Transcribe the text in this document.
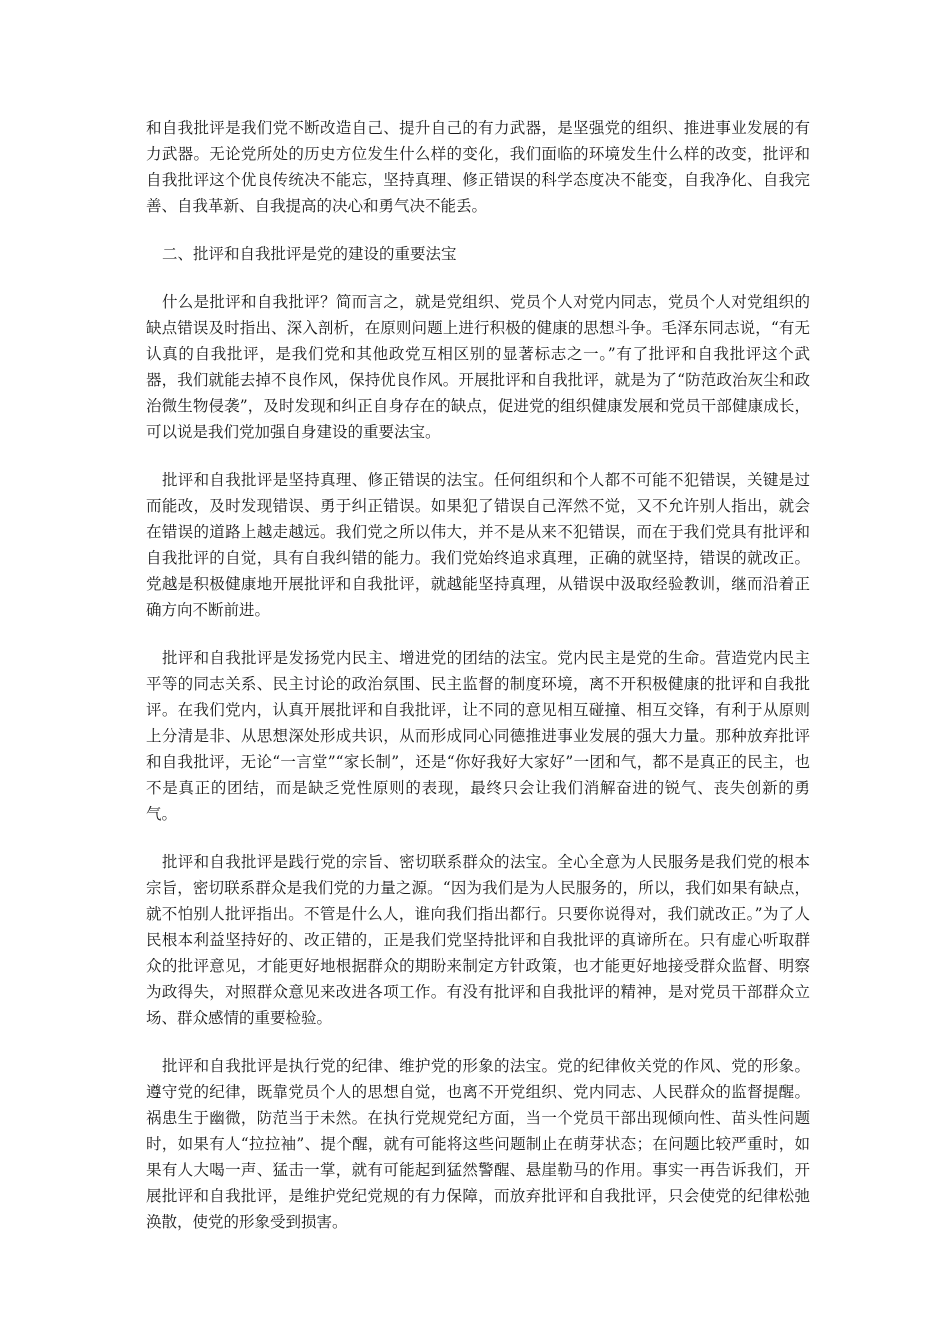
和自我批评是我们党不断改造自己、提升自己的有力武器，是坚强党的组织、推进事业发展的有力武器。无论党所处的历史方位发生什么样的变化，我们面临的环境发生什么样的改变，批评和自我批评这个优良传统决不能忘，坚持真理、修正错误的科学态度决不能变，自我净化、自我完善、自我革新、自我提高的决心和勇气决不能丢。

二、批评和自我批评是党的建设的重要法宝

什么是批评和自我批评？简而言之，就是党组织、党员个人对党内同志，党员个人对党组织的缺点错误及时指出、深入剖析，在原则问题上进行积极的健康的思想斗争。毛泽东同志说，“有无认真的自我批评，是我们党和其他政党互相区别的显著标志之一。”有了批评和自我批评这个武器，我们就能去掉不良作风，保持优良作风。开展批评和自我批评，就是为了“防范政治灰尘和政治微生物侵袭”，及时发现和纠正自身存在的缺点，促进党的组织健康发展和党员干部健康成长，可以说是我们党加强自身建设的重要法宝。

批评和自我批评是坚持真理、修正错误的法宝。任何组织和个人都不可能不犯错误，关键是过而能改，及时发现错误、勇于纠正错误。如果犯了错误自己浑然不觉，又不允许别人指出，就会在错误的道路上越走越远。我们党之所以伟大，并不是从来不犯错误，而在于我们党具有批评和自我批评的自觉，具有自我纠错的能力。我们党始终追求真理，正确的就坚持，错误的就改正。党越是积极健康地开展批评和自我批评，就越能坚持真理，从错误中汲取经验教训，继而沿着正确方向不断前进。

批评和自我批评是发扬党内民主、增进党的团结的法宝。党内民主是党的生命。营造党内民主平等的同志关系、民主讨论的政治氛围、民主监督的制度环境，离不开积极健康的批评和自我批评。在我们党内，认真开展批评和自我批评，让不同的意见相互碰撞、相互交锋，有利于从原则上分清是非、从思想深处形成共识，从而形成同心同德推进事业发展的强大力量。那种放弃批评和自我批评，无论“一言堂”“家长制”，还是“你好我好大家好”一团和气，都不是真正的民主，也不是真正的团结，而是缺乏党性原则的表现，最终只会让我们消解奋进的锐气、丧失创新的勇气。

批评和自我批评是践行党的宗旨、密切联系群众的法宝。全心全意为人民服务是我们党的根本宗旨，密切联系群众是我们党的力量之源。“因为我们是为人民服务的，所以，我们如果有缺点，就不怕别人批评指出。不管是什么人，谁向我们指出都行。只要你说得对，我们就改正。”为了人民根本利益坚持好的、改正错的，正是我们党坚持批评和自我批评的真谛所在。只有虚心听取群众的批评意见，才能更好地根据群众的期盼来制定方针政策，也才能更好地接受群众监督、明察为政得失，对照群众意见来改进各项工作。有没有批评和自我批评的精神，是对党员干部群众立场、群众感情的重要检验。

批评和自我批评是执行党的纪律、维护党的形象的法宝。党的纪律攸关党的作风、党的形象。遵守党的纪律，既靠党员个人的思想自觉，也离不开党组织、党内同志、人民群众的监督提醒。祸患生于幽微，防范当于未然。在执行党规党纪方面，当一个党员干部出现倾向性、苗头性问题时，如果有人“拉拉袖”、提个醒，就有可能将这些问题制止在萌芽状态；在问题比较严重时，如果有人大喝一声、猛击一掌，就有可能起到猛然警醒、悬崖勒马的作用。事实一再告诉我们，开展批评和自我批评，是维护党纪党规的有力保障，而放弃批评和自我批评，只会使党的纪律松弛涣散，使党的形象受到损害。
